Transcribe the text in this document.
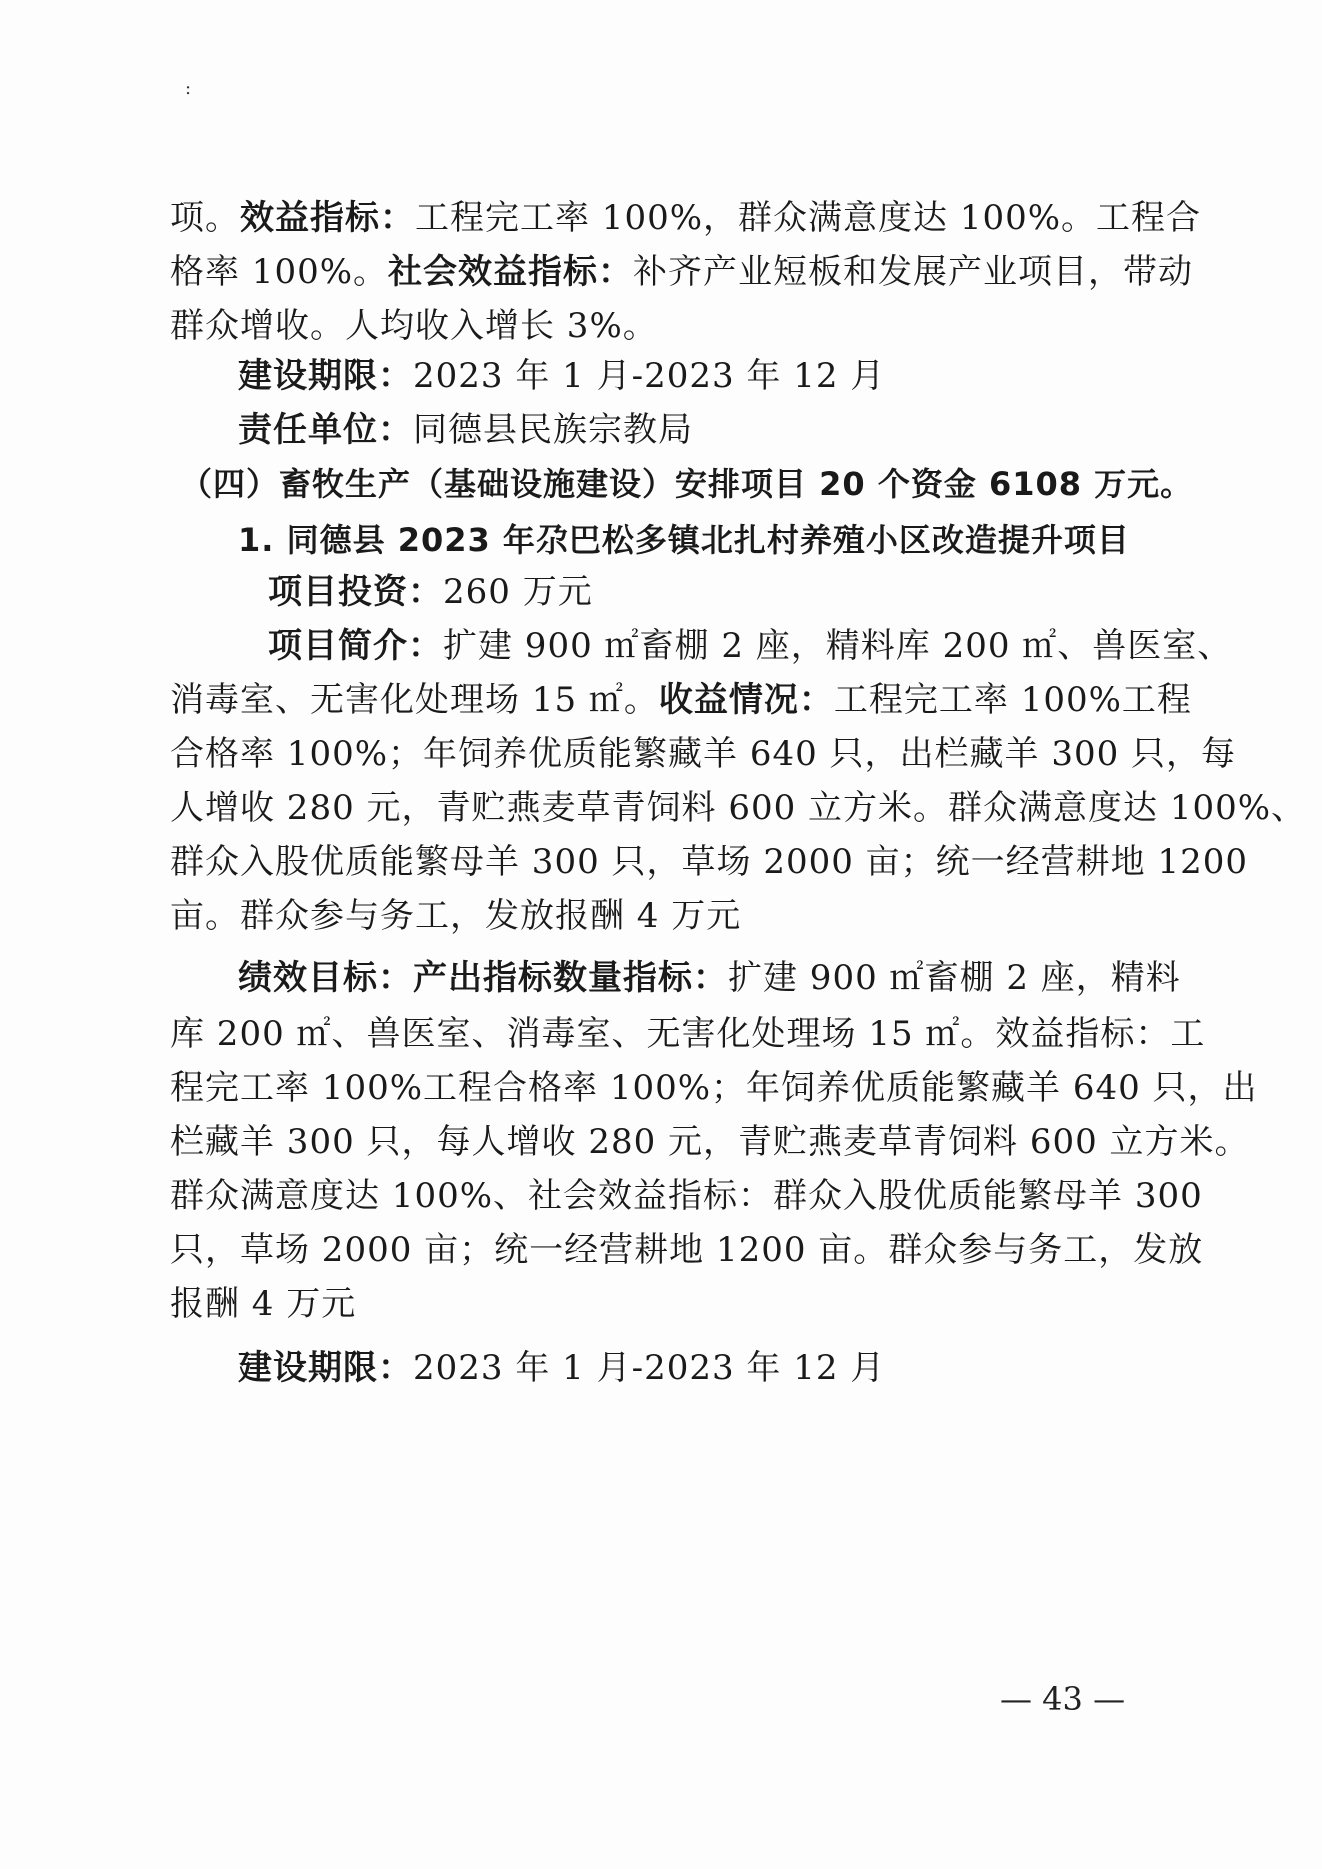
:
项。效益指标：工程完工率 100%，群众满意度达 100%。工程合
格率 100%。社会效益指标：补齐产业短板和发展产业项目，带动
群众增收。人均收入增长 3%。
建设期限：2023 年 1 月-2023 年 12 月
责任单位：同德县民族宗教局
（四）畜牧生产（基础设施建设）安排项目 20 个资金 6108 万元。
1. 同德县 2023 年尕巴松多镇北扎村养殖小区改造提升项目
项目投资：260 万元
项目简介：扩建 900 ㎡畜棚 2 座，精料库 200 ㎡、兽医室、
消毒室、无害化处理场 15 ㎡。收益情况：工程完工率 100%工程
合格率 100%；年饲养优质能繁藏羊 640 只，出栏藏羊 300 只，每
人增收 280 元，青贮燕麦草青饲料 600 立方米。群众满意度达 100%、
群众入股优质能繁母羊 300 只，草场 2000 亩；统一经营耕地 1200
亩。群众参与务工，发放报酬 4 万元
绩效目标：产出指标数量指标：扩建 900 ㎡畜棚 2 座，精料
库 200 ㎡、兽医室、消毒室、无害化处理场 15 ㎡。效益指标：工
程完工率 100%工程合格率 100%；年饲养优质能繁藏羊 640 只，出
栏藏羊 300 只，每人增收 280 元，青贮燕麦草青饲料 600 立方米。
群众满意度达 100%、社会效益指标：群众入股优质能繁母羊 300
只，草场 2000 亩；统一经营耕地 1200 亩。群众参与务工，发放
报酬 4 万元
建设期限：2023 年 1 月-2023 年 12 月
— 43 —
